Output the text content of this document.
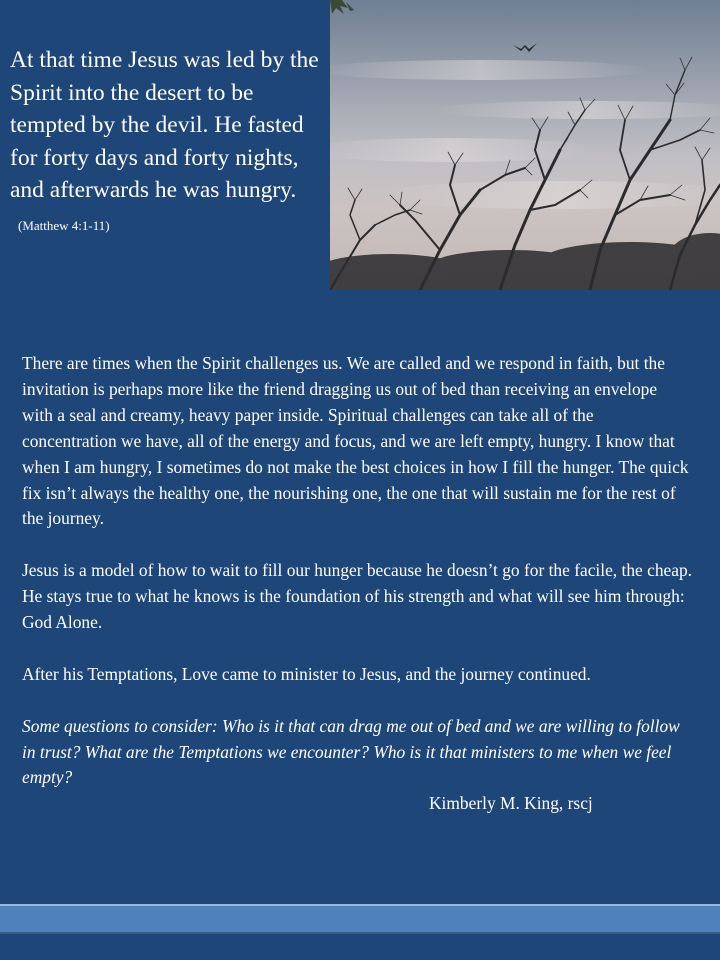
At that time Jesus was led by the Spirit into the desert to be tempted by the devil. He fasted for forty days and forty nights, and afterwards he was hungry. (Matthew 4:1-11)

There are times when the Spirit challenges us. We are called and we respond in faith, but the invitation is perhaps more like the friend dragging us out of bed than receiving an envelope with a seal and creamy, heavy paper inside. Spiritual challenges can take all of the concentration we have, all of the energy and focus, and we are left empty, hungry. I know that when I am hungry, I sometimes do not make the best choices in how I fill the hunger. The quick fix isn’t always the healthy one, the nourishing one, the one that will sustain me for the rest of the journey.

Jesus is a model of how to wait to fill our hunger because he doesn’t go for the facile, the cheap. He stays true to what he knows is the foundation of his strength and what will see him through: God Alone.

After his Temptations, Love came to minister to Jesus, and the journey continued.

Some questions to consider: Who is it that can drag me out of bed and we are willing to follow in trust? What are the Temptations we encounter? Who is it that ministers to me when we feel empty?

Kimberly M. King, rscj
